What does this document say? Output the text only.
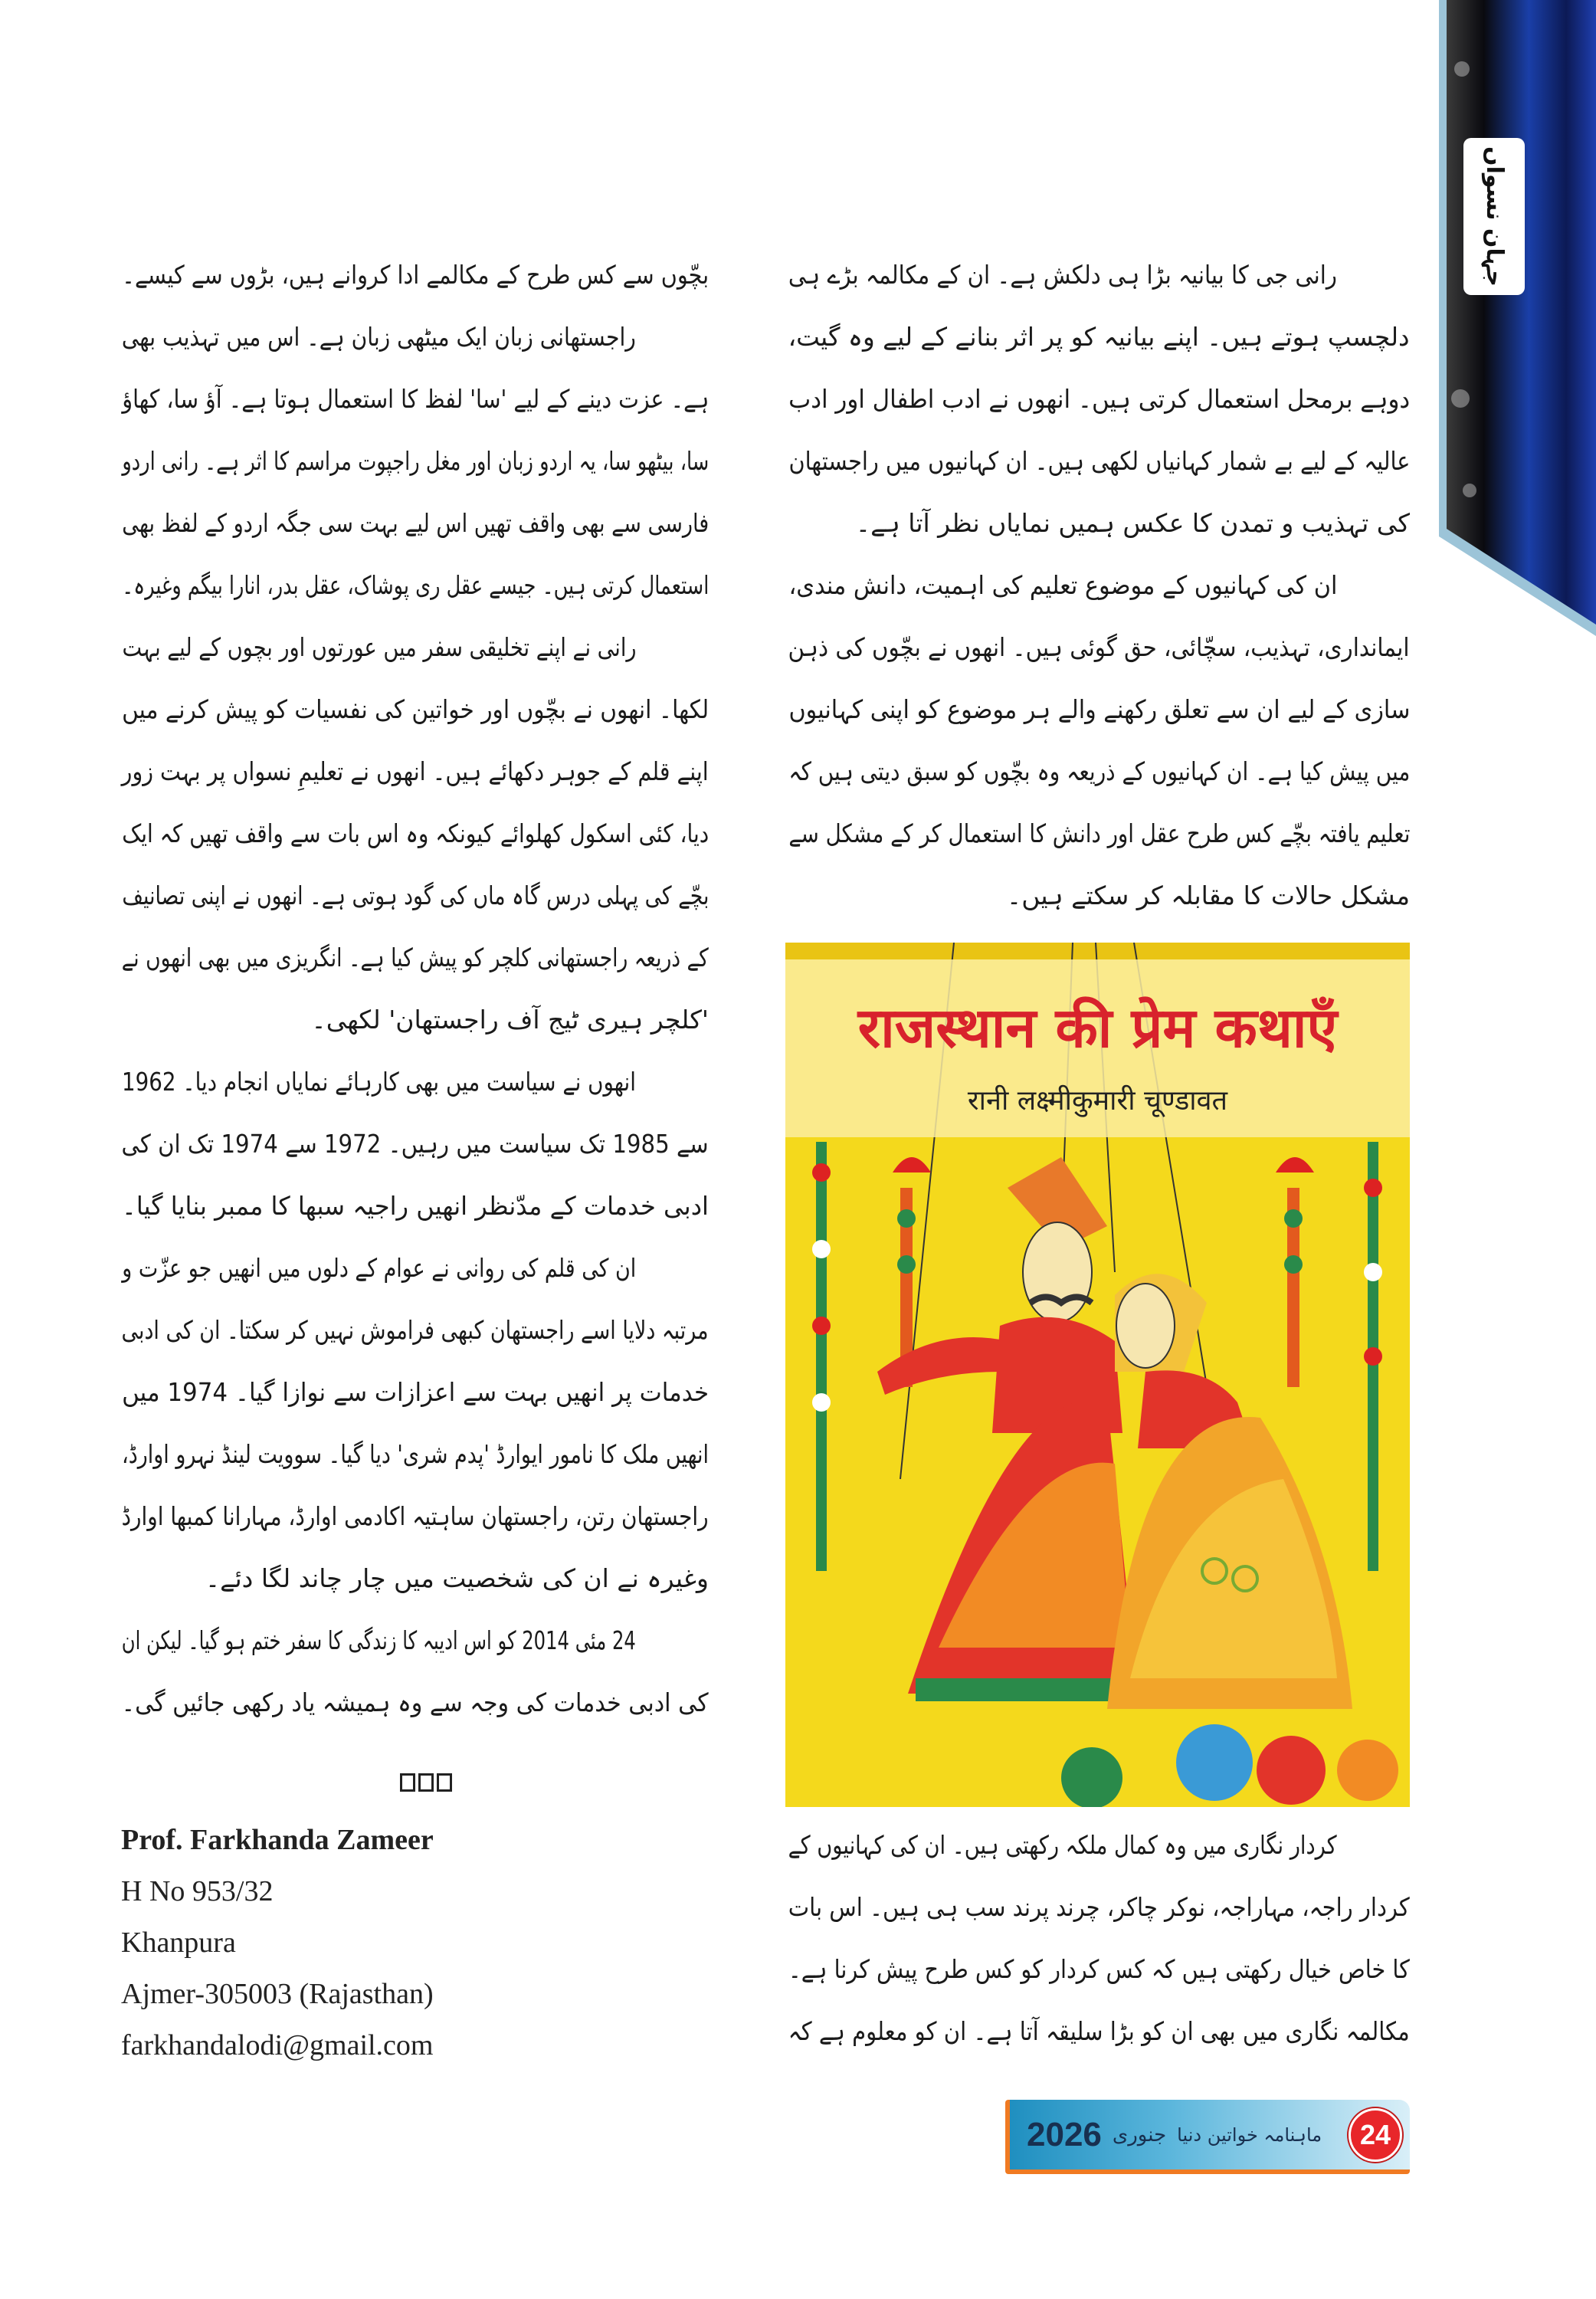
جہان نسواں
بچّوں سے کس طرح کے مکالمے ادا کروانے ہیں، بڑوں سے کیسے۔
راجستھانی زبان ایک میٹھی زبان ہے۔ اس میں تہذیب بھی
ہے۔ عزت دینے کے لیے 'سا' لفظ کا استعمال ہوتا ہے۔ آؤ سا، کھاؤ
سا، بیٹھو سا، یہ اردو زبان اور مغل راجپوت مراسم کا اثر ہے۔ رانی اردو
فارسی سے بھی واقف تھیں اس لیے بہت سی جگہ اردو کے لفظ بھی
استعمال کرتی ہیں۔ جیسے عقل ری پوشاک، عقل بدر، انارا بیگم وغیرہ۔
رانی نے اپنے تخلیقی سفر میں عورتوں اور بچوں کے لیے بہت
لکھا۔ انھوں نے بچّوں اور خواتین کی نفسیات کو پیش کرنے میں
اپنے قلم کے جوہر دکھائے ہیں۔ انھوں نے تعلیمِ نسواں پر بہت زور
دیا، کئی اسکول کھلوائے کیونکہ وہ اس بات سے واقف تھیں کہ ایک
بچّے کی پہلی درس گاہ ماں کی گود ہوتی ہے۔ انھوں نے اپنی تصانیف
کے ذریعہ راجستھانی کلچر کو پیش کیا ہے۔ انگریزی میں بھی انھوں نے
'کلچر ہیری ٹیج آف راجستھان' لکھی۔
انھوں نے سیاست میں بھی کارہائے نمایاں انجام دیا۔ 1962
سے 1985 تک سیاست میں رہیں۔ 1972 سے 1974 تک ان کی
ادبی خدمات کے مدّنظر انھیں راجیہ سبھا کا ممبر بنایا گیا۔
ان کی قلم کی روانی نے عوام کے دلوں میں انھیں جو عزّت و
مرتبہ دلایا اسے راجستھان کبھی فراموش نہیں کر سکتا۔ ان کی ادبی
خدمات پر انھیں بہت سے اعزازات سے نوازا گیا۔ 1974 میں
انھیں ملک کا نامور ایوارڈ 'پدم شری' دیا گیا۔ سوویت لینڈ نہرو اوارڈ،
راجستھان رتن، راجستھان ساہتیہ اکادمی اوارڈ، مہارانا کمبھا اوارڈ
وغیرہ نے ان کی شخصیت میں چار چاند لگا دئے۔
24 مئی 2014 کو اس ادیبہ کا زندگی کا سفر ختم ہو گیا۔ لیکن ان
کی ادبی خدمات کی وجہ سے وہ ہمیشہ یاد رکھی جائیں گی۔
رانی جی کا بیانیہ بڑا ہی دلکش ہے۔ ان کے مکالمہ بڑے ہی
دلچسپ ہوتے ہیں۔ اپنے بیانیہ کو پر اثر بنانے کے لیے وہ گیت،
دوہے برمحل استعمال کرتی ہیں۔ انھوں نے ادب اطفال اور ادب
عالیہ کے لیے بے شمار کہانیاں لکھی ہیں۔ ان کہانیوں میں راجستھان
کی تہذیب و تمدن کا عکس ہمیں نمایاں نظر آتا ہے۔
ان کی کہانیوں کے موضوع تعلیم کی اہمیت، دانش مندی،
ایمانداری، تہذیب، سچّائی، حق گوئی ہیں۔ انھوں نے بچّوں کی ذہن
سازی کے لیے ان سے تعلق رکھنے والے ہر موضوع کو اپنی کہانیوں
میں پیش کیا ہے۔ ان کہانیوں کے ذریعہ وہ بچّوں کو سبق دیتی ہیں کہ
تعلیم یافتہ بچّے کس طرح عقل اور دانش کا استعمال کر کے مشکل سے
مشکل حالات کا مقابلہ کر سکتے ہیں۔
کردار نگاری میں وہ کمال ملکہ رکھتی ہیں۔ ان کی کہانیوں کے
کردار راجہ، مہاراجہ، نوکر چاکر، چرند پرند سب ہی ہیں۔ اس بات
کا خاص خیال رکھتی ہیں کہ کس کردار کو کس طرح پیش کرنا ہے۔
مکالمہ نگاری میں بھی ان کو بڑا سلیقہ آتا ہے۔ ان کو معلوم ہے کہ
Prof. Farkhanda Zameer
H No 953/32
Khanpura
Ajmer-305003 (Rajasthan)
farkhandalodi@gmail.com
राजस्थान की प्रेम कथाएँ
रानी लक्ष्मीकुमारी चूण्डावत
2026 جنوری ماہنامہ خواتین دنیا	24
